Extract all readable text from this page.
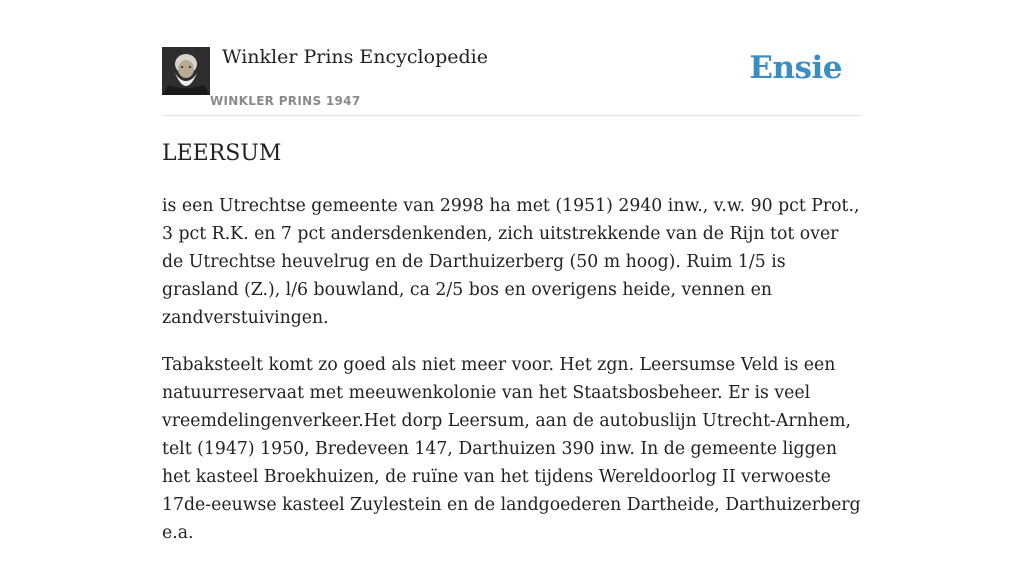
Winkler Prins Encyclopedie
WINKLER PRINS 1947
Ensie
LEERSUM

is een Utrechtse gemeente van 2998 ha met (1951) 2940 inw., v.w. 90 pct Prot., 3 pct R.K. en 7 pct andersdenkenden, zich uitstrekkende van de Rijn tot over de Utrechtse heuvelrug en de Darthuizerberg (50 m hoog). Ruim 1/5 is grasland (Z.), l/6 bouwland, ca 2/5 bos en overigens heide, vennen en zandverstuivingen.

Tabaksteelt komt zo goed als niet meer voor. Het zgn. Leersumse Veld is een natuurreservaat met meeuwenkolonie van het Staatsbosbeheer. Er is veel vreemdelingenverkeer.Het dorp Leersum, aan de autobuslijn Utrecht-Arnhem, telt (1947) 1950, Bredeveen 147, Darthuizen 390 inw. In de gemeente liggen het kasteel Broekhuizen, de ruïne van het tijdens Wereldoorlog II verwoeste 17de-eeuwse kasteel Zuylestein en de landgoederen Dartheide, Darthuizerberg e.a.
